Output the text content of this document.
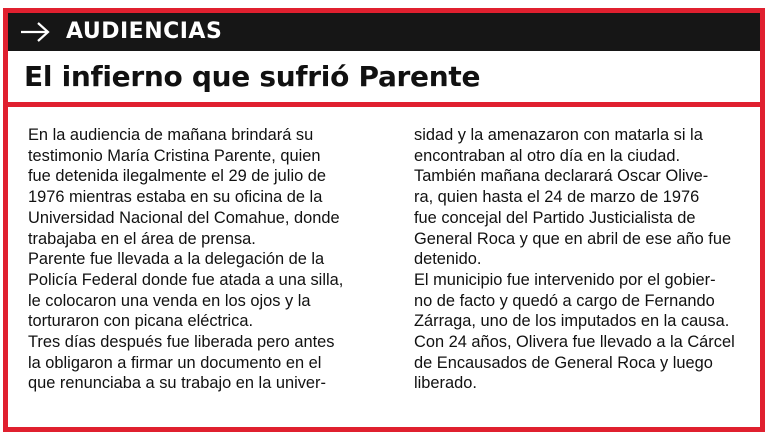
AUDIENCIAS
El infierno que sufrió Parente
En la audiencia de mañana brindará su
testimonio María Cristina Parente, quien
fue detenida ilegalmente el 29 de julio de
1976 mientras estaba en su oficina de la
Universidad Nacional del Comahue, donde
trabajaba en el área de prensa.
Parente fue llevada a la delegación de la
Policía Federal donde fue atada a una silla,
le colocaron una venda en los ojos y la
torturaron con picana eléctrica.
Tres días después fue liberada pero antes
la obligaron a firmar un documento en el
que renunciaba a su trabajo en la univer-
sidad y la amenazaron con matarla si la
encontraban al otro día en la ciudad.
También mañana declarará Oscar Olive-
ra, quien hasta el 24 de marzo de 1976
fue concejal del Partido Justicialista de
General Roca y que en abril de ese año fue
detenido.
El municipio fue intervenido por el gobier-
no de facto y quedó a cargo de Fernando
Zárraga, uno de los imputados en la causa.
Con 24 años, Olivera fue llevado a la Cárcel
de Encausados de General Roca y luego
liberado.
